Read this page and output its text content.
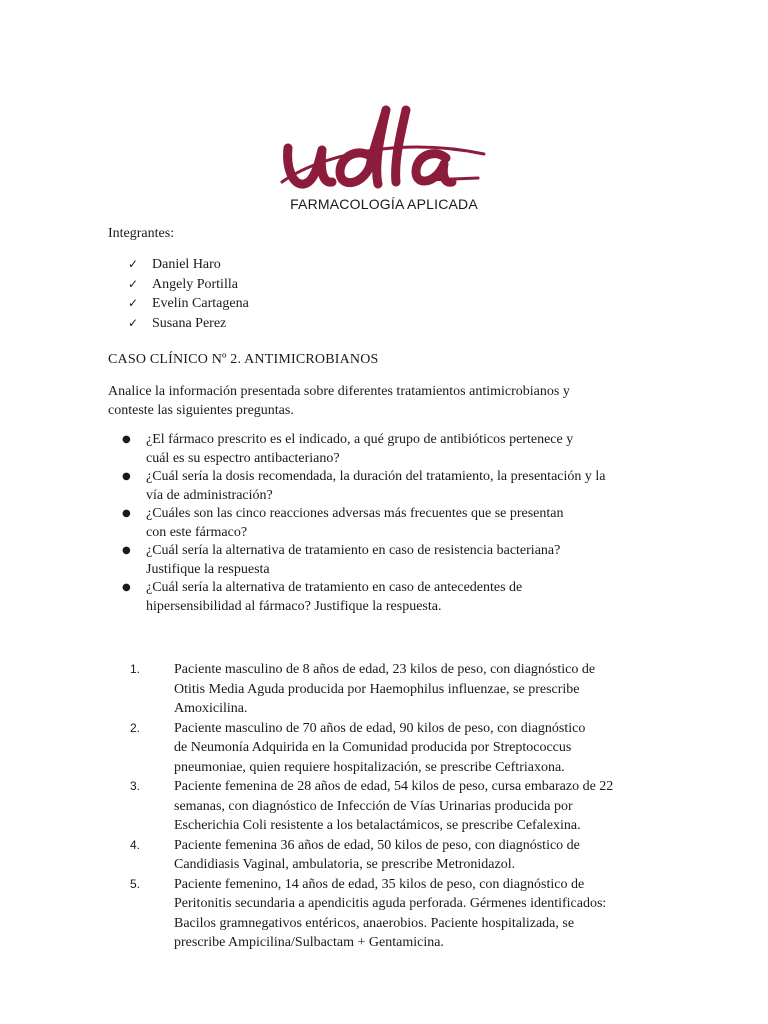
FARMACOLOGÍA APLICADA
Integrantes:
✓ Daniel Haro
✓ Angely Portilla
✓ Evelin Cartagena
✓ Susana Perez
CASO CLÍNICO Nº 2. ANTIMICROBIANOS
Analice la información presentada sobre diferentes tratamientos antimicrobianos y
conteste las siguientes preguntas.
● ¿El fármaco prescrito es el indicado, a qué grupo de antibióticos pertenece y
cuál es su espectro antibacteriano?
● ¿Cuál sería la dosis recomendada, la duración del tratamiento, la presentación y la
vía de administración?
● ¿Cuáles son las cinco reacciones adversas más frecuentes que se presentan
con este fármaco?
● ¿Cuál sería la alternativa de tratamiento en caso de resistencia bacteriana?
Justifique la respuesta
● ¿Cuál sería la alternativa de tratamiento en caso de antecedentes de
hipersensibilidad al fármaco? Justifique la respuesta.
1. Paciente masculino de 8 años de edad, 23 kilos de peso, con diagnóstico de
Otitis Media Aguda producida por Haemophilus influenzae, se prescribe
Amoxicilina.
2. Paciente masculino de 70 años de edad, 90 kilos de peso, con diagnóstico
de Neumonía Adquirida en la Comunidad producida por Streptococcus
pneumoniae, quien requiere hospitalización, se prescribe Ceftriaxona.
3. Paciente femenina de 28 años de edad, 54 kilos de peso, cursa embarazo de 22
semanas, con diagnóstico de Infección de Vías Urinarias producida por
Escherichia Coli resistente a los betalactámicos, se prescribe Cefalexina.
4. Paciente femenina 36 años de edad, 50 kilos de peso, con diagnóstico de
Candidiasis Vaginal, ambulatoria, se prescribe Metronidazol.
5. Paciente femenino, 14 años de edad, 35 kilos de peso, con diagnóstico de
Peritonitis secundaria a apendicitis aguda perforada. Gérmenes identificados:
Bacilos gramnegativos entéricos, anaerobios. Paciente hospitalizada, se
prescribe Ampicilina/Sulbactam + Gentamicina.
